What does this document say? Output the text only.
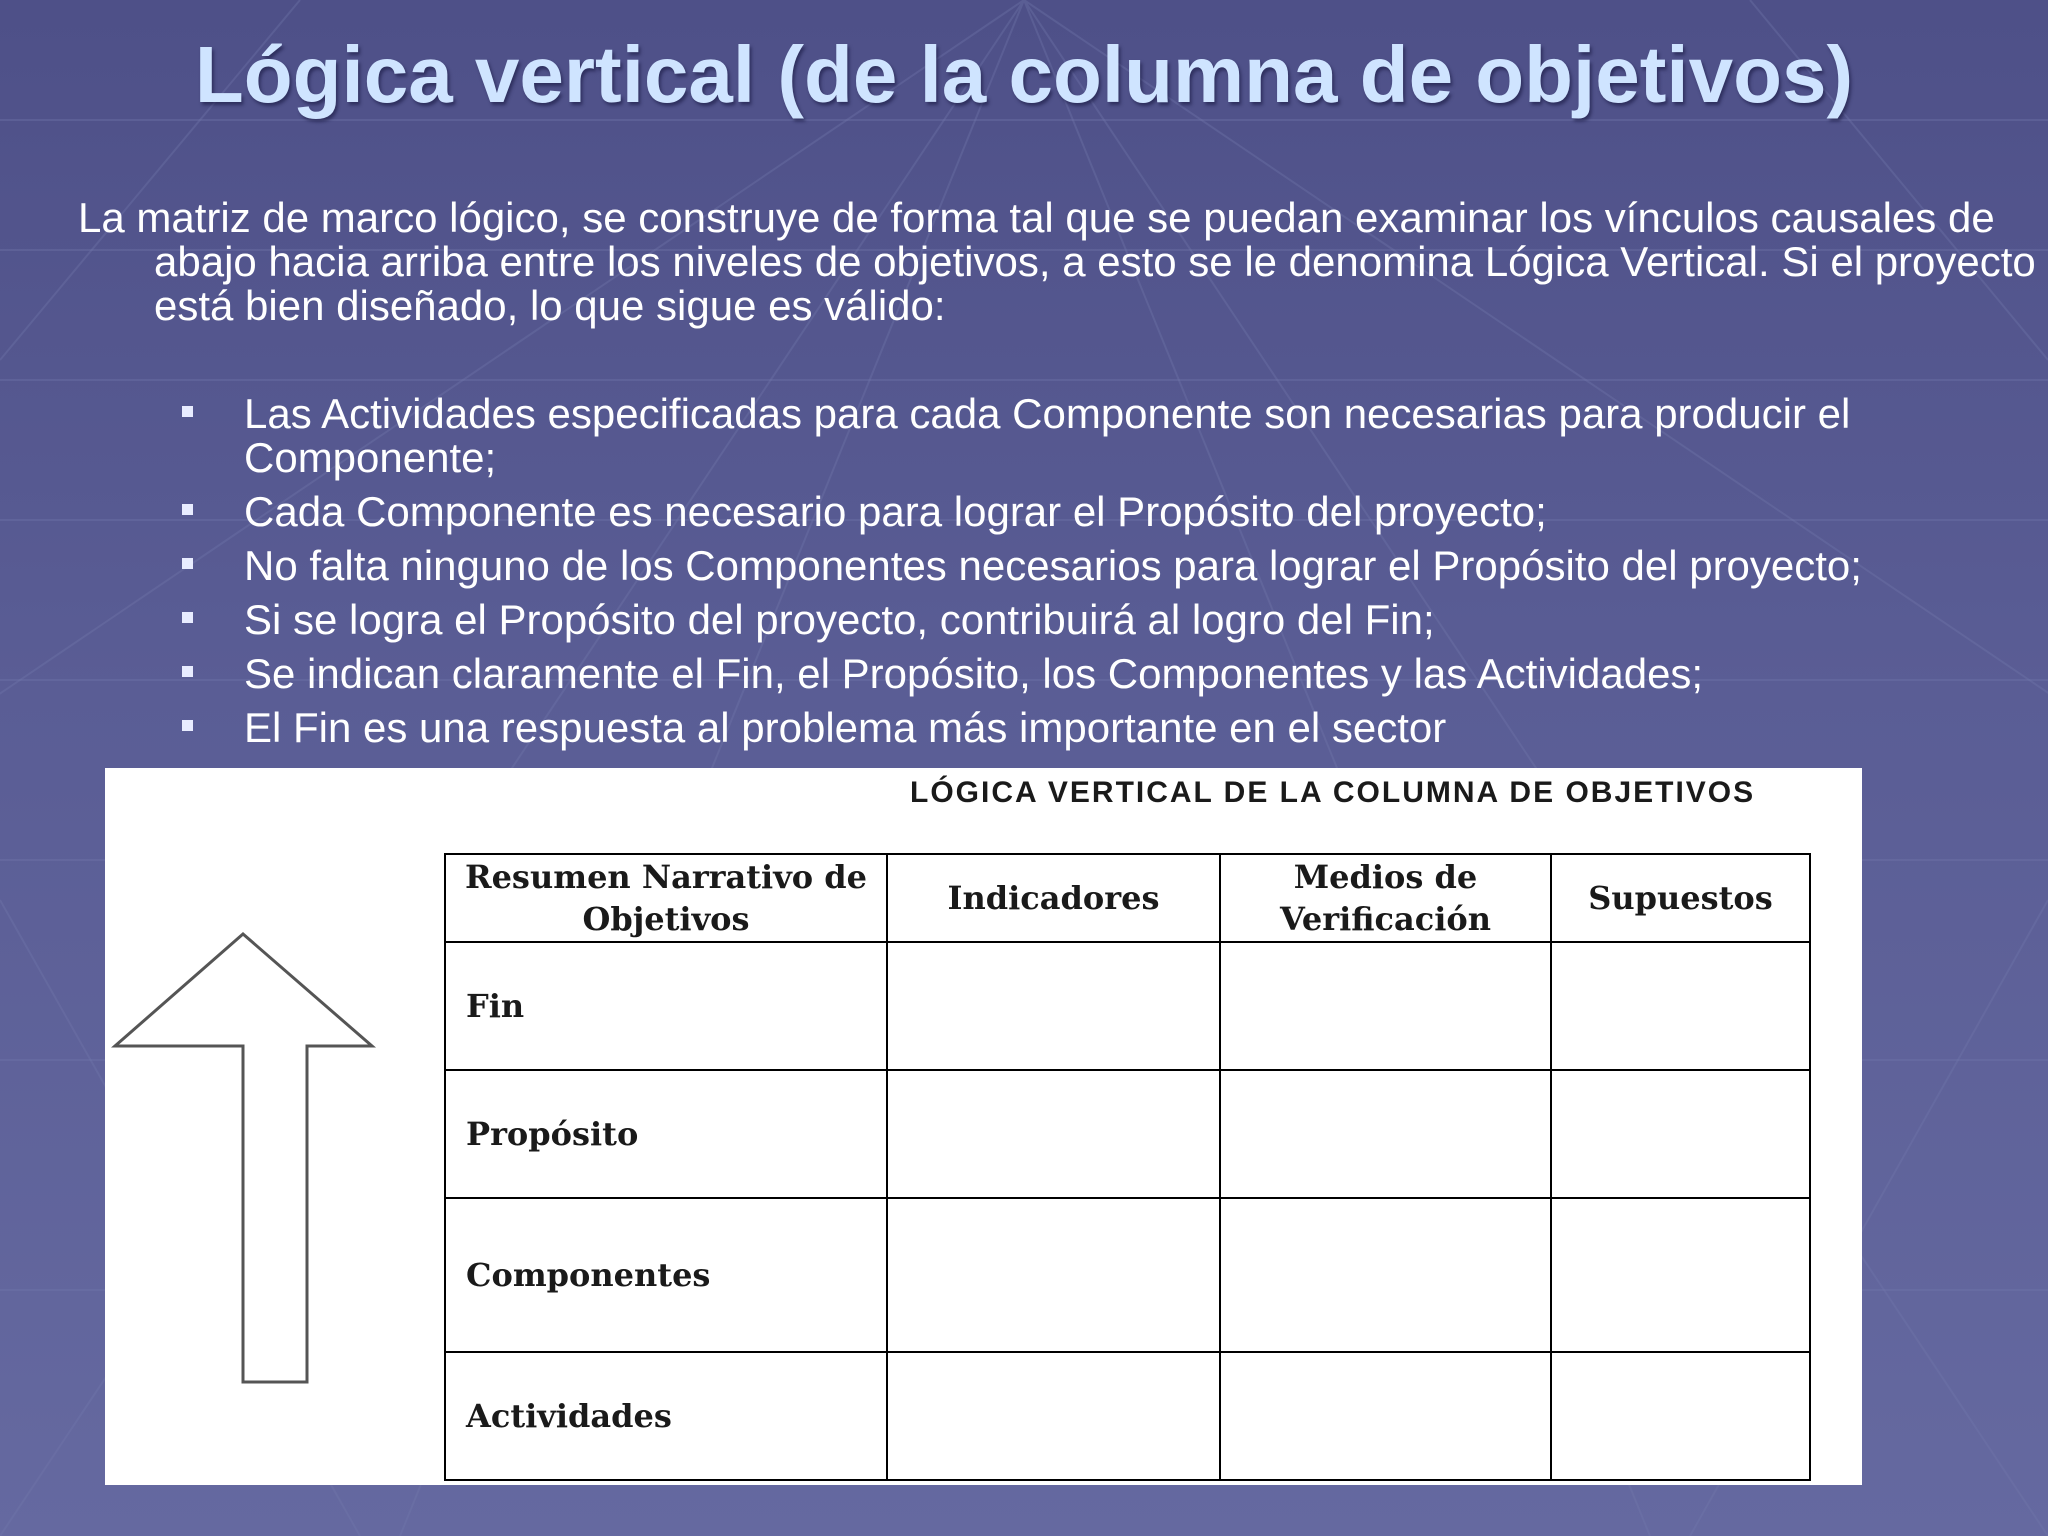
Lógica vertical (de la columna de objetivos)
La matriz de marco lógico, se construye de forma tal que se puedan examinar los vínculos causales de abajo hacia arriba entre los niveles de objetivos, a esto se le denomina Lógica Vertical. Si el proyecto está bien diseñado, lo que sigue es válido:
Las Actividades especificadas para cada Componente son necesarias para producir el Componente;
Cada Componente es necesario para lograr el Propósito del proyecto;
No falta ninguno de los Componentes necesarios para lograr el Propósito del proyecto;
Si se logra el Propósito del proyecto, contribuirá al logro del Fin;
Se indican claramente el Fin, el Propósito, los Componentes y las Actividades;
El Fin es una respuesta al problema más importante en el sector
LÓGICA VERTICAL DE LA COLUMNA DE OBJETIVOS
Resumen Narrativo de Objetivos	Indicadores	Medios de Verificación	Supuestos
Fin			
Propósito			
Componentes			
Actividades			
